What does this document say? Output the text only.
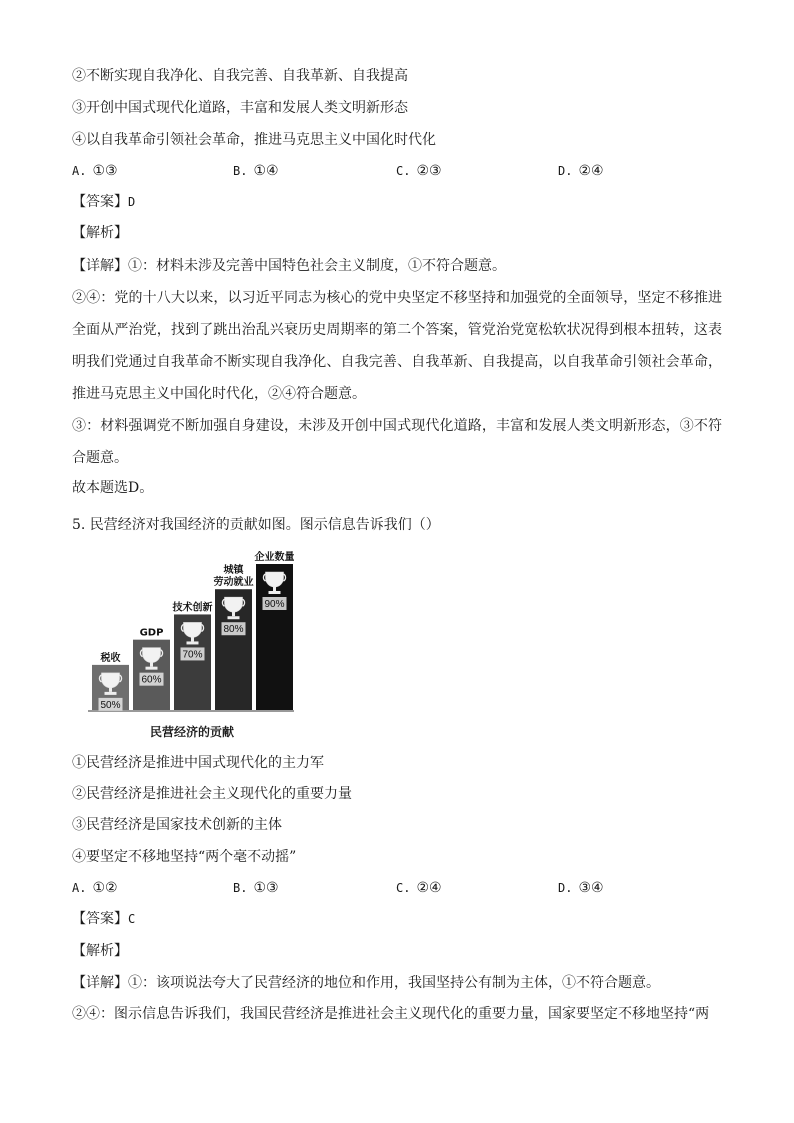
②不断实现自我净化、自我完善、自我革新、自我提高
③开创中国式现代化道路，丰富和发展人类文明新形态
④以自我革命引领社会革命，推进马克思主义中国化时代化
A. ①③	B. ①④	C. ②③	D. ②④
【答案】D
【解析】
【详解】①：材料未涉及完善中国特色社会主义制度，①不符合题意。
②④：党的十八大以来，以习近平同志为核心的党中央坚定不移坚持和加强党的全面领导，坚定不移推进全面从严治党，找到了跳出治乱兴衰历史周期率的第二个答案，管党治党宽松软状况得到根本扭转，这表明我们党通过自我革命不断实现自我净化、自我完善、自我革新、自我提高，以自我革命引领社会革命，推进马克思主义中国化时代化，②④符合题意。
③：材料强调党不断加强自身建设，未涉及开创中国式现代化道路，丰富和发展人类文明新形态，③不符合题意。
故本题选D。
5. 民营经济对我国经济的贡献如图。图示信息告诉我们（）
50%
税收
60%
GDP
70%
技术创新
80%
城镇
劳动就业
90%
企业数量
民营经济的贡献
①民营经济是推进中国式现代化的主力军
②民营经济是推进社会主义现代化的重要力量
③民营经济是国家技术创新的主体
④要坚定不移地坚持“两个毫不动摇”
A. ①②	B. ①③	C. ②④	D. ③④
【答案】C
【解析】
【详解】①：该项说法夸大了民营经济的地位和作用，我国坚持公有制为主体，①不符合题意。
②④：图示信息告诉我们，我国民营经济是推进社会主义现代化的重要力量，国家要坚定不移地坚持“两
